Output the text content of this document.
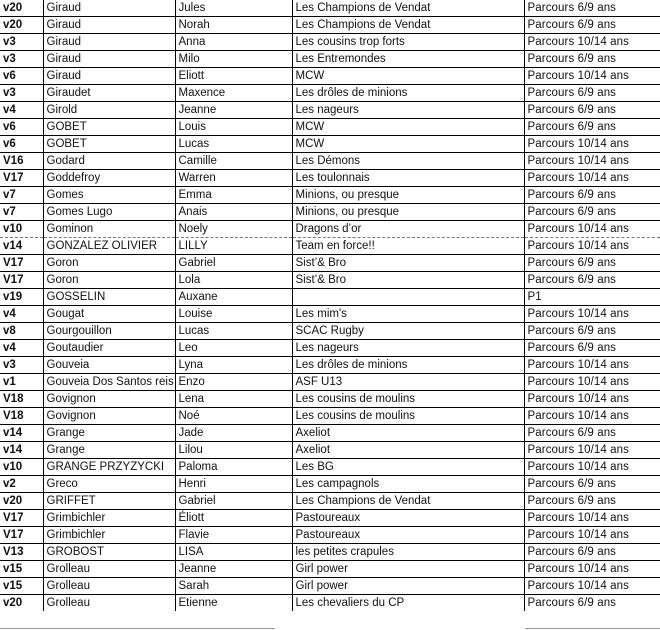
v20	Giraud	Jules	Les Champions de Vendat	Parcours 6/9 ans
v20	Giraud	Norah	Les Champions de Vendat	Parcours 6/9 ans
v3	Giraud	Anna	Les cousins trop forts	Parcours 10/14 ans
v3	Giraud	Milo	Les Entremondes	Parcours 6/9 ans
v6	Giraud	Eliott	MCW	Parcours 10/14 ans
v3	Giraudet	Maxence	Les drôles de minions	Parcours 6/9 ans
v4	Girold	Jeanne	Les nageurs	Parcours 6/9 ans
v6	GOBET	Louis	MCW	Parcours 6/9 ans
v6	GOBET	Lucas	MCW	Parcours 10/14 ans
V16	Godard	Camille	Les Démons	Parcours 10/14 ans
V17	Goddefroy	Warren	Les toulonnais	Parcours 10/14 ans
v7	Gomes	Emma	Minions, ou presque	Parcours 6/9 ans
v7	Gomes Lugo	Anais	Minions, ou presque	Parcours 6/9 ans
v10	Gominon	Noely	Dragons d’or	Parcours 10/14 ans
v14	GONZALEZ OLIVIER	LILLY	Team en force!!	Parcours 10/14 ans
V17	Goron	Gabriel	Sist’& Bro	Parcours 6/9 ans
V17	Goron	Lola	Sist’& Bro	Parcours 6/9 ans
v19	GOSSELIN	Auxane		P1
v4	Gougat	Louise	Les mim's	Parcours 10/14 ans
v8	Gourgouillon	Lucas	SCAC Rugby	Parcours 6/9 ans
v4	Goutaudier	Leo	Les nageurs	Parcours 6/9 ans
v3	Gouveia	Lyna	Les drôles de minions	Parcours 10/14 ans
v1	Gouveia Dos Santos reis	Enzo	ASF U13	Parcours 10/14 ans
V18	Govignon	Lena	Les cousins de moulins	Parcours 10/14 ans
V18	Govignon	Noé	Les cousins de moulins	Parcours 10/14 ans
v14	Grange	Jade	Axeliot	Parcours 6/9 ans
v14	Grange	Lilou	Axeliot	Parcours 10/14 ans
v10	GRANGE PRZYZYCKI	Paloma	Les BG	Parcours 10/14 ans
v2	Greco	Henri	Les campagnols	Parcours 6/9 ans
v20	GRIFFET	Gabriel	Les Champions de Vendat	Parcours 6/9 ans
V17	Grimbichler	Éliott	Pastoureaux	Parcours 10/14 ans
V17	Grimbichler	Flavie	Pastoureaux	Parcours 10/14 ans
V13	GROBOST	LISA	les petites crapules	Parcours 6/9 ans
v15	Grolleau	Jeanne	Girl power	Parcours 10/14 ans
v15	Grolleau	Sarah	Girl power	Parcours 10/14 ans
v20	Grolleau	Etienne	Les chevaliers du CP	Parcours 6/9 ans
